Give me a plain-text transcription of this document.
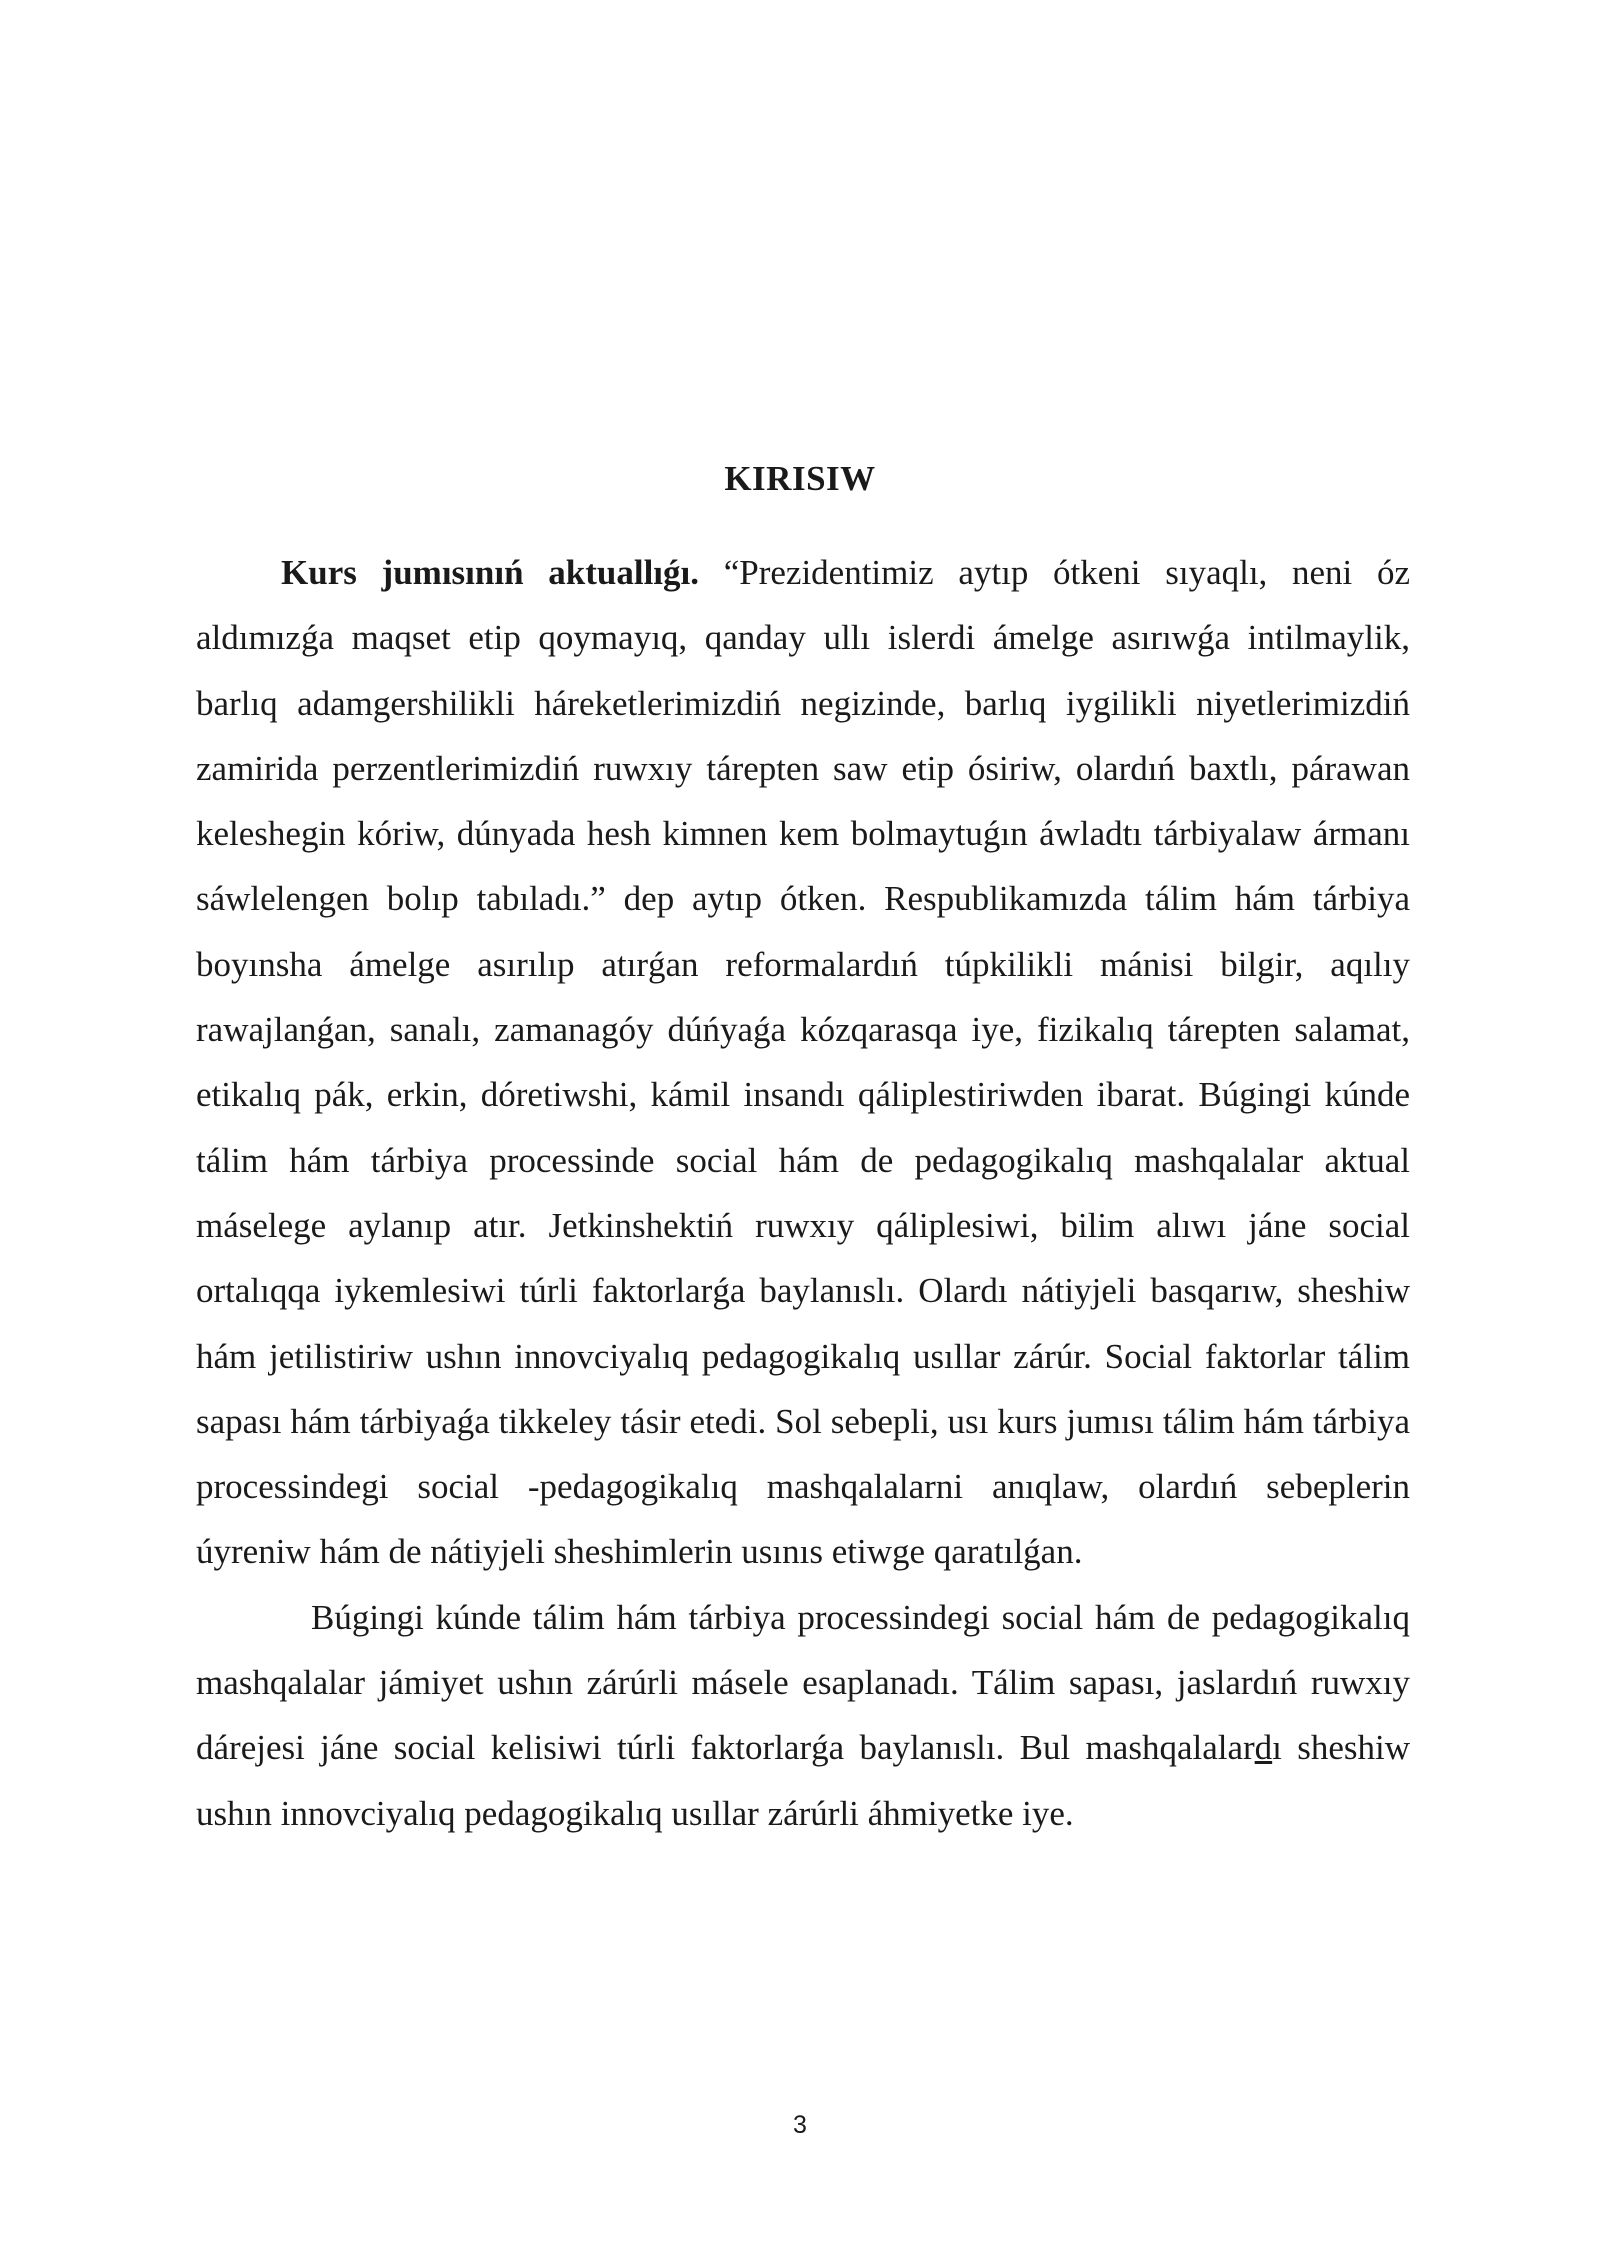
KIRISIW

Kurs jumısınıń aktuallıǵı. “Prezidentimiz aytıp ótkeni sıyaqlı, neni óz aldımızǵa maqset etip qoymayıq, qanday ullı islerdi ámelge asırıwǵa intilmaylik, barlıq adamgershilikli háreketlerimizdiń negizinde, barlıq iygilikli niyetlerimizdiń zamirida perzentlerimizdiń ruwxıy tárepten saw etip ósiriw, olardıń baxtlı, párawan keleshegin kóriw, dúnyada hesh kimnen kem bolmaytuǵın áwladtı tárbiyalaw ármanı sáwlelengen bolıp tabıladı.” dep aytıp ótken. Respublikamızda tálim hám tárbiya boyınsha ámelge asırılıp atırǵan reformalardıń túpkilikli mánisi bilgir, aqılıy rawajlanǵan, sanalı, zamanagóy dúńyaǵa kózqarasqa iye, fizikalıq tárepten salamat, etikalıq pák, erkin, dóretiwshi, kámil insandı qáliplestiriwden ibarat. Búgingi kúnde tálim hám tárbiya processinde social hám de pedagogikalıq mashqalalar aktual máselege aylanıp atır. Jetkinshektiń ruwxıy qáliplesiwi, bilim alıwı jáne social ortalıqqa iykemlesiwi túrli faktorlarǵa baylanıslı. Olardı nátiyjeli basqarıw, sheshiw hám jetilistiriw ushın innovciyalıq pedagogikalıq usıllar zárúr. Social faktorlar tálim sapası hám tárbiyaǵa tikkeley tásir etedi. Sol sebepli, usı kurs jumısı tálim hám tárbiya processindegi social -pedagogikalıq mashqalalarni anıqlaw, olardıń sebeplerin úyreniw hám de nátiyjeli sheshimlerin usınıs etiwge qaratılǵan.

Búgingi kúnde tálim hám tárbiya processindegi social hám de pedagogikalıq mashqalalar jámiyet ushın zárúrli másele esaplanadı. Tálim sapası, jaslardıń ruwxıy dárejesi jáne social kelisiwi túrli faktorlarǵa baylanıslı. Bul mashqalalardı sheshiw ushın innovciyalıq pedagogikalıq usıllar zárúrli áhmiyetke iye.

3
